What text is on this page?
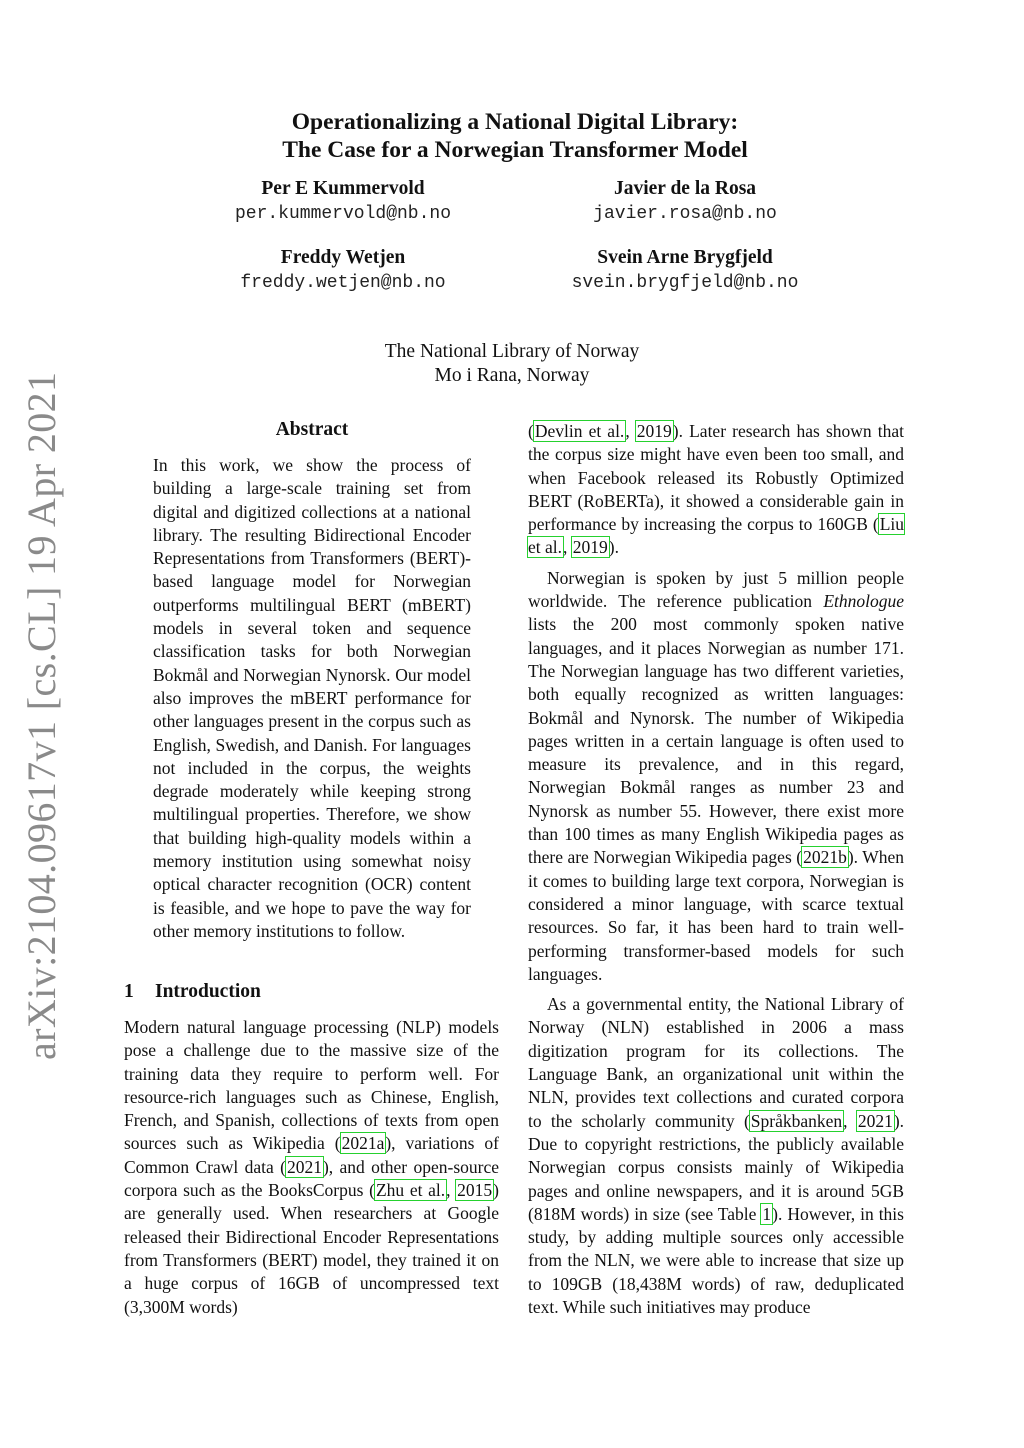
arXiv:2104.09617v1 [cs.CL] 19 Apr 2021
Operationalizing a National Digital Library:
The Case for a Norwegian Transformer Model
Per E Kummervold
per.kummervold@nb.no
Javier de la Rosa
javier.rosa@nb.no
Freddy Wetjen
freddy.wetjen@nb.no
Svein Arne Brygfjeld
svein.brygfjeld@nb.no
The National Library of Norway
Mo i Rana, Norway
Abstract
In this work, we show the process of building a large-scale training set from digital and digitized collections at a national library. The resulting Bidirectional Encoder Representations from Transformers (BERT)-based language model for Norwegian outperforms multilingual BERT (mBERT) models in several token and sequence classification tasks for both Norwegian Bokmål and Norwegian Nynorsk. Our model also improves the mBERT performance for other languages present in the corpus such as English, Swedish, and Danish. For languages not included in the corpus, the weights degrade moderately while keeping strong multilingual properties. Therefore, we show that building high-quality models within a memory institution using somewhat noisy optical character recognition (OCR) content is feasible, and we hope to pave the way for other memory institutions to follow.
1 Introduction

Modern natural language processing (NLP) models pose a challenge due to the massive size of the training data they require to perform well. For resource-rich languages such as Chinese, English, French, and Spanish, collections of texts from open sources such as Wikipedia (2021a), variations of Common Crawl data (2021), and other open-source corpora such as the BooksCorpus (Zhu et al., 2015) are generally used. When researchers at Google released their Bidirectional Encoder Representations from Transformers (BERT) model, they trained it on a huge corpus of 16GB of uncompressed text (3,300M words)

(Devlin et al., 2019). Later research has shown that the corpus size might have even been too small, and when Facebook released its Robustly Optimized BERT (RoBERTa), it showed a considerable gain in performance by increasing the corpus to 160GB (Liu et al., 2019).

Norwegian is spoken by just 5 million people worldwide. The reference publication Ethnologue lists the 200 most commonly spoken native languages, and it places Norwegian as number 171. The Norwegian language has two different varieties, both equally recognized as written languages: Bokmål and Nynorsk. The number of Wikipedia pages written in a certain language is often used to measure its prevalence, and in this regard, Norwegian Bokmål ranges as number 23 and Nynorsk as number 55. However, there exist more than 100 times as many English Wikipedia pages as there are Norwegian Wikipedia pages (2021b). When it comes to building large text corpora, Norwegian is considered a minor language, with scarce textual resources. So far, it has been hard to train well-performing transformer-based models for such languages.

As a governmental entity, the National Library of Norway (NLN) established in 2006 a mass digitization program for its collections. The Language Bank, an organizational unit within the NLN, provides text collections and curated corpora to the scholarly community (Språkbanken, 2021). Due to copyright restrictions, the publicly available Norwegian corpus consists mainly of Wikipedia pages and online newspapers, and it is around 5GB (818M words) in size (see Table 1). However, in this study, by adding multiple sources only accessible from the NLN, we were able to increase that size up to 109GB (18,438M words) of raw, deduplicated text. While such initiatives may produce
